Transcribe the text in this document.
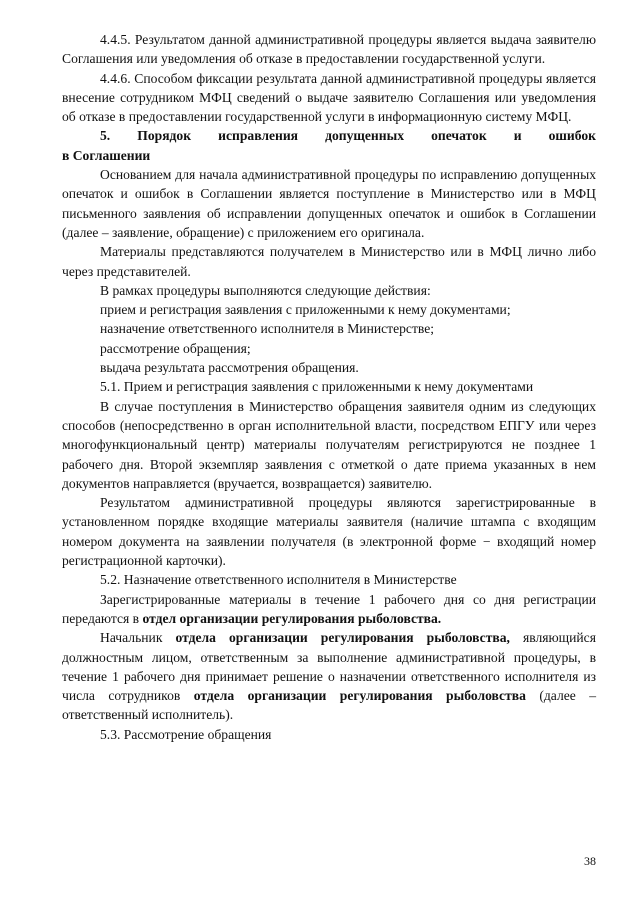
4.4.5. Результатом данной административной процедуры является выдача заявителю Соглашения или уведомления об отказе в предоставлении государственной услуги.

4.4.6. Способом фиксации результата данной административной процедуры является внесение сотрудником МФЦ сведений о выдаче заявителю Соглашения или уведомления об отказе в предоставлении государственной услуги в информационную систему МФЦ.

5. Порядок исправления допущенных опечаток и ошибок

в Соглашении

Основанием для начала административной процедуры по исправлению допущенных опечаток и ошибок в Соглашении является поступление в Министерство или в МФЦ письменного заявления об исправлении допущенных опечаток и ошибок в Соглашении (далее – заявление, обращение) с приложением его оригинала.

Материалы представляются получателем в Министерство или в МФЦ лично либо через представителей.

В рамках процедуры выполняются следующие действия:

прием и регистрация заявления с приложенными к нему документами;

назначение ответственного исполнителя в Министерстве;

рассмотрение обращения;

выдача результата рассмотрения обращения.

5.1. Прием и регистрация заявления с приложенными к нему документами

В случае поступления в Министерство обращения заявителя одним из следующих способов (непосредственно в орган исполнительной власти, посредством ЕПГУ или через многофункциональный центр) материалы получателям регистрируются не позднее 1 рабочего дня. Второй экземпляр заявления с отметкой о дате приема указанных в нем документов направляется (вручается, возвращается) заявителю.

Результатом административной процедуры являются зарегистрированные в установленном порядке входящие материалы заявителя (наличие штампа с входящим номером документа на заявлении получателя (в электронной форме − входящий номер регистрационной карточки).

5.2. Назначение ответственного исполнителя в Министерстве

Зарегистрированные материалы в течение 1 рабочего дня со дня регистрации передаются в отдел организации регулирования рыболовства.

Начальник отдела организации регулирования рыболовства, являющийся должностным лицом, ответственным за выполнение административной процедуры, в течение 1 рабочего дня принимает решение о назначении ответственного исполнителя из числа сотрудников отдела организации регулирования рыболовства (далее – ответственный исполнитель).

5.3. Рассмотрение обращения

38
